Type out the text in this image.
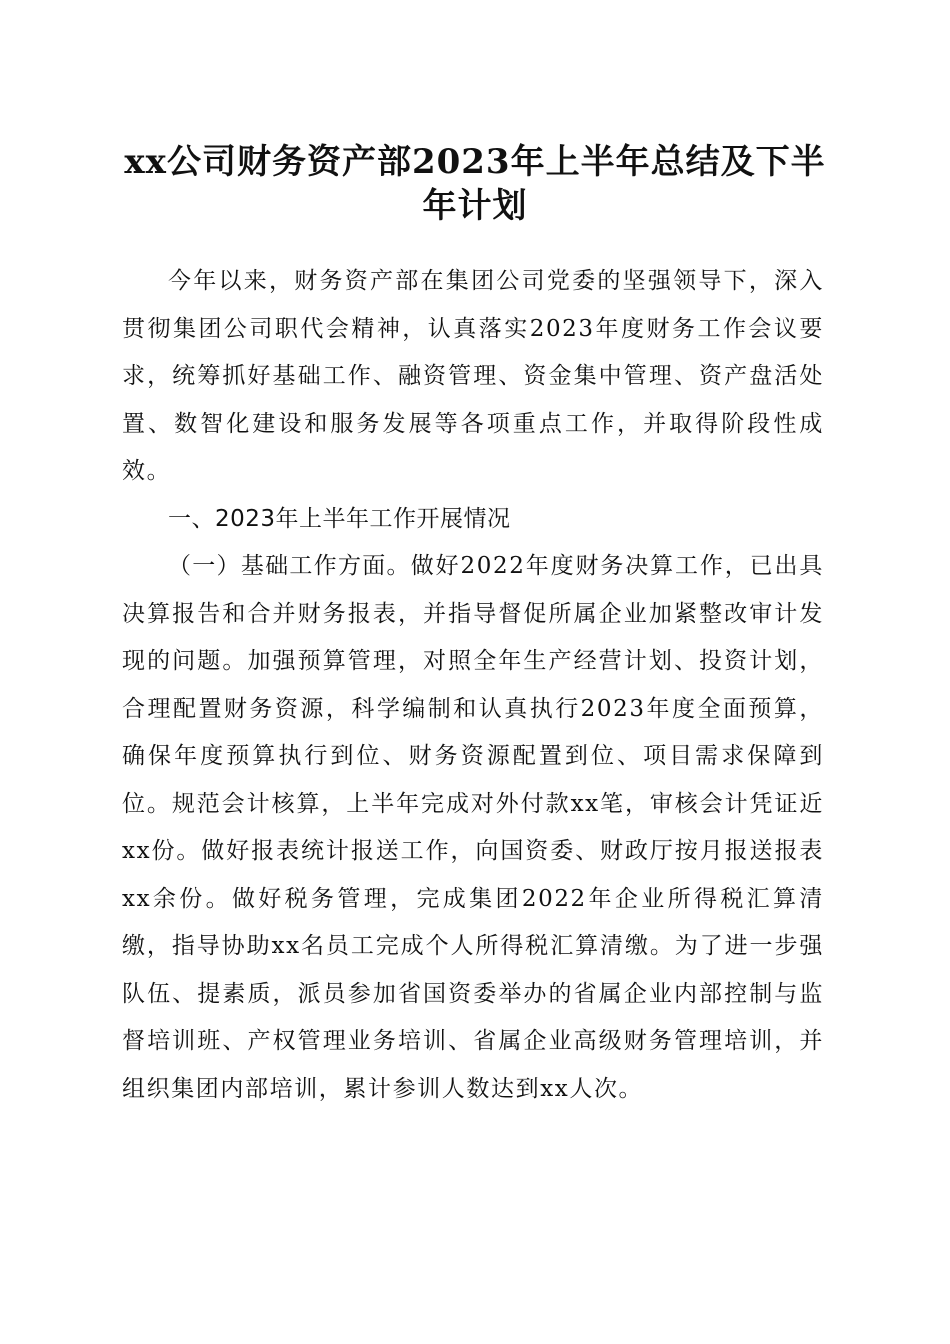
xx公司财务资产部2023年上半年总结及下半
年计划

今年以来，财务资产部在集团公司党委的坚强领导下，深入贯彻集团公司职代会精神，认真落实2023年度财务工作会议要求，统筹抓好基础工作、融资管理、资金集中管理、资产盘活处置、数智化建设和服务发展等各项重点工作，并取得阶段性成效。

一、2023年上半年工作开展情况

（一）基础工作方面。做好2022年度财务决算工作，已出具决算报告和合并财务报表，并指导督促所属企业加紧整改审计发现的问题。加强预算管理，对照全年生产经营计划、投资计划，合理配置财务资源，科学编制和认真执行2023年度全面预算，确保年度预算执行到位、财务资源配置到位、项目需求保障到位。规范会计核算，上半年完成对外付款xx笔，审核会计凭证近xx份。做好报表统计报送工作，向国资委、财政厅按月报送报表xx余份。做好税务管理，完成集团2022年企业所得税汇算清缴，指导协助xx名员工完成个人所得税汇算清缴。为了进一步强队伍、提素质，派员参加省国资委举办的省属企业内部控制与监督培训班、产权管理业务培训、省属企业高级财务管理培训，并组织集团内部培训，累计参训人数达到xx人次。
